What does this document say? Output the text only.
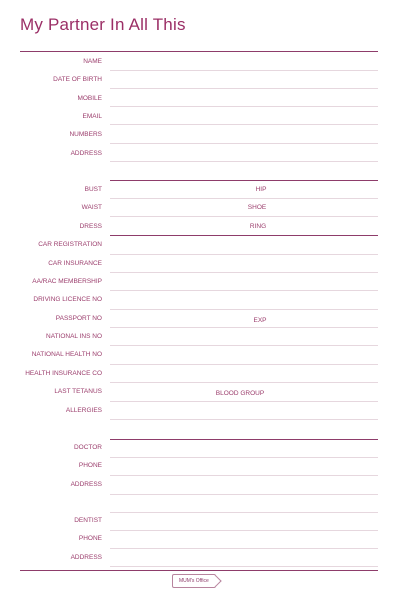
My Partner In All This
NAME
DATE OF BIRTH
MOBILE
EMAIL
NUMBERS
ADDRESS
BUST	HIP
WAIST	SHOE
DRESS	RING
CAR REGISTRATION
CAR INSURANCE
AA/RAC MEMBERSHIP
DRIVING LICENCE NO
PASSPORT NO	EXP
NATIONAL INS NO
NATIONAL HEALTH NO
HEALTH INSURANCE CO
LAST TETANUS	BLOOD GROUP
ALLERGIES
DOCTOR
PHONE
ADDRESS
DENTIST
PHONE
ADDRESS
MUM's Office
